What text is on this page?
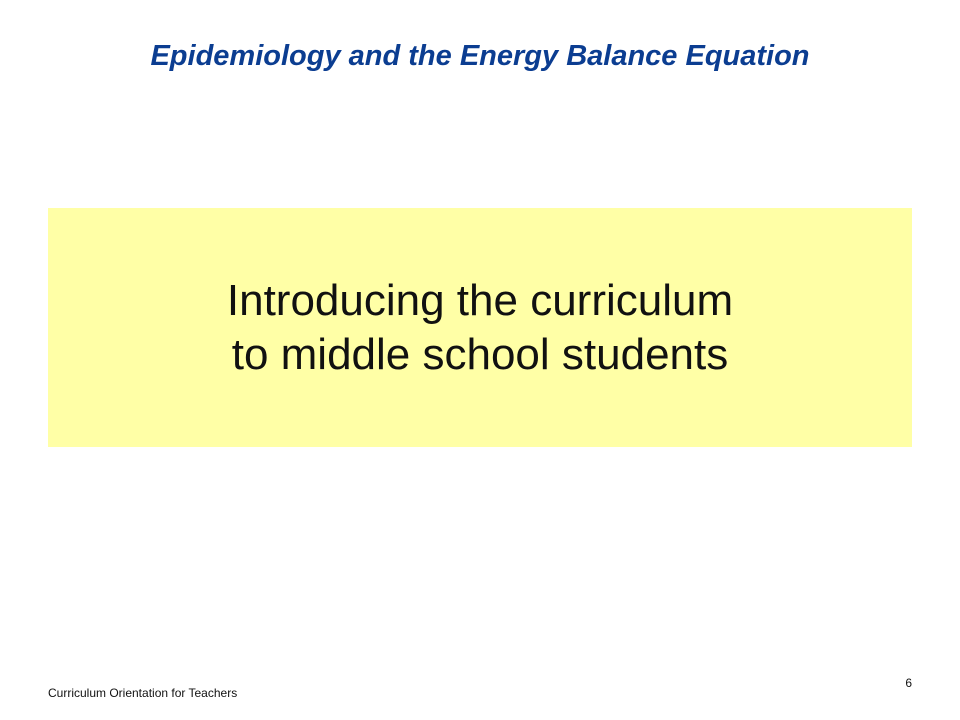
Epidemiology and the Energy Balance Equation
Introducing the curriculum
to middle school students
Curriculum Orientation for Teachers
6
